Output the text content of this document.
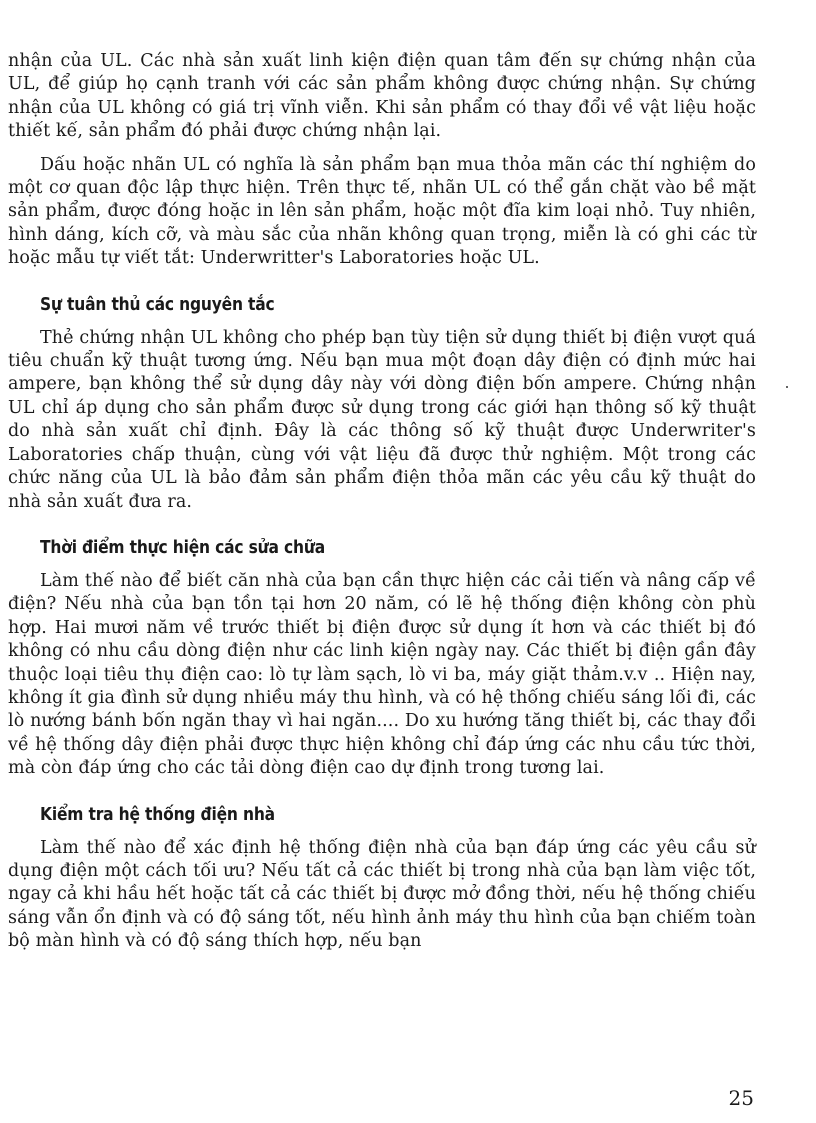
nhận của UL. Các nhà sản xuất linh kiện điện quan tâm đến sự chứng nhận của UL, để giúp họ cạnh tranh với các sản phẩm không được chứng nhận. Sự chứng nhận của UL không có giá trị vĩnh viễn. Khi sản phẩm có thay đổi về vật liệu hoặc thiết kế, sản phẩm đó phải được chứng nhận lại.

Dấu hoặc nhãn UL có nghĩa là sản phẩm bạn mua thỏa mãn các thí nghiệm do một cơ quan độc lập thực hiện. Trên thực tế, nhãn UL có thể gắn chặt vào bề mặt sản phẩm, được đóng hoặc in lên sản phẩm, hoặc một đĩa kim loại nhỏ. Tuy nhiên, hình dáng, kích cỡ, và màu sắc của nhãn không quan trọng, miễn là có ghi các từ hoặc mẫu tự viết tắt: Underwritter's Laboratories hoặc UL.

Sự tuân thủ các nguyên tắc

Thẻ chứng nhận UL không cho phép bạn tùy tiện sử dụng thiết bị điện vượt quá tiêu chuẩn kỹ thuật tương ứng. Nếu bạn mua một đoạn dây điện có định mức hai ampere, bạn không thể sử dụng dây này với dòng điện bốn ampere. Chứng nhận UL chỉ áp dụng cho sản phẩm được sử dụng trong các giới hạn thông số kỹ thuật do nhà sản xuất chỉ định. Đây là các thông số kỹ thuật được Underwriter's Laboratories chấp thuận, cùng với vật liệu đã được thử nghiệm. Một trong các chức năng của UL là bảo đảm sản phẩm điện thỏa mãn các yêu cầu kỹ thuật do nhà sản xuất đưa ra.

Thời điểm thực hiện các sửa chữa

Làm thế nào để biết căn nhà của bạn cần thực hiện các cải tiến và nâng cấp về điện? Nếu nhà của bạn tồn tại hơn 20 năm, có lẽ hệ thống điện không còn phù hợp. Hai mươi năm về trước thiết bị điện được sử dụng ít hơn và các thiết bị đó không có nhu cầu dòng điện như các linh kiện ngày nay. Các thiết bị điện gần đây thuộc loại tiêu thụ điện cao: lò tự làm sạch, lò vi ba, máy giặt thảm.v.v .. Hiện nay, không ít gia đình sử dụng nhiều máy thu hình, và có hệ thống chiếu sáng lối đi, các lò nướng bánh bốn ngăn thay vì hai ngăn.... Do xu hướng tăng thiết bị, các thay đổi về hệ thống dây điện phải được thực hiện không chỉ đáp ứng các nhu cầu tức thời, mà còn đáp ứng cho các tải dòng điện cao dự định trong tương lai.

Kiểm tra hệ thống điện nhà

Làm thế nào để xác định hệ thống điện nhà của bạn đáp ứng các yêu cầu sử dụng điện một cách tối ưu? Nếu tất cả các thiết bị trong nhà của bạn làm việc tốt, ngay cả khi hầu hết hoặc tất cả các thiết bị được mở đồng thời, nếu hệ thống chiếu sáng vẫn ổn định và có độ sáng tốt, nếu hình ảnh máy thu hình của bạn chiếm toàn bộ màn hình và có độ sáng thích hợp, nếu bạn

25
